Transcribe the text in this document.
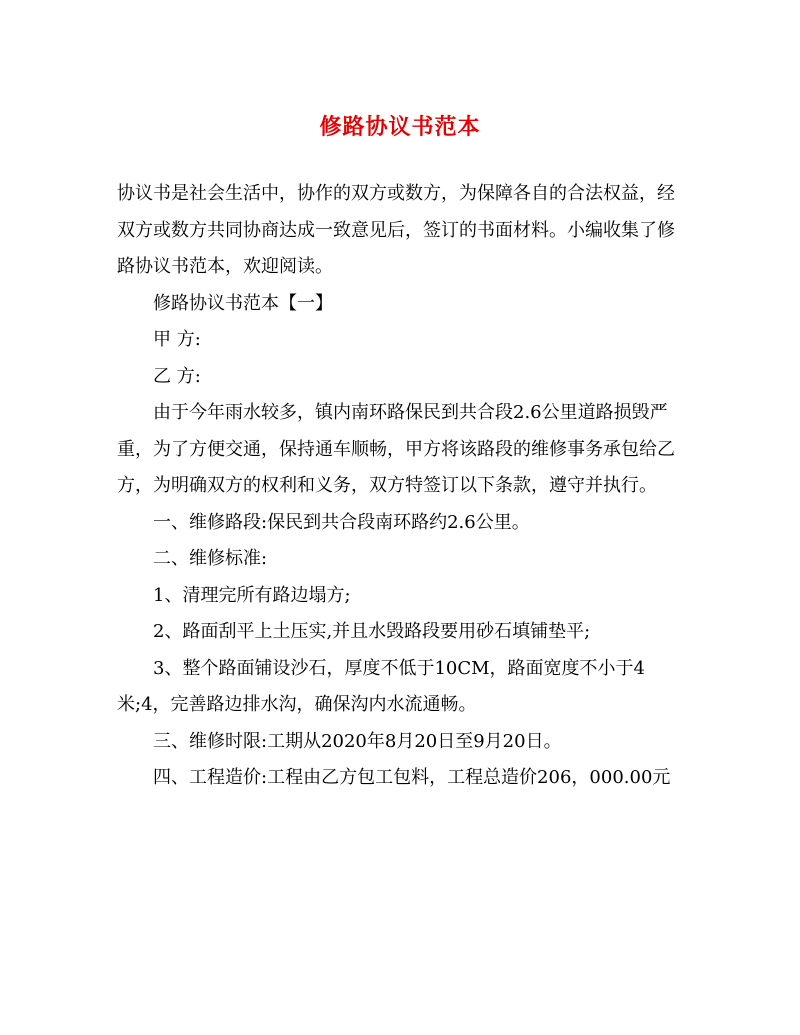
修路协议书范本

协议书是社会生活中，协作的双方或数方，为保障各自的合法权益，经双方或数方共同协商达成一致意见后，签订的书面材料。小编收集了修路协议书范本，欢迎阅读。

修路协议书范本【一】

甲 方:

乙 方:

由于今年雨水较多，镇内南环路保民到共合段2.6公里道路损毁严重，为了方便交通，保持通车顺畅，甲方将该路段的维修事务承包给乙方，为明确双方的权利和义务，双方特签订以下条款，遵守并执行。

一、维修路段:保民到共合段南环路约2.6公里。

二、维修标准:

1、清理完所有路边塌方;

2、路面刮平上土压实,并且水毁路段要用砂石填铺垫平;

3、整个路面铺设沙石，厚度不低于10CM，路面宽度不小于4米;4，完善路边排水沟，确保沟内水流通畅。

三、维修时限:工期从2020年8月20日至9月20日。

四、工程造价:工程由乙方包工包料，工程总造价206，000.00元
